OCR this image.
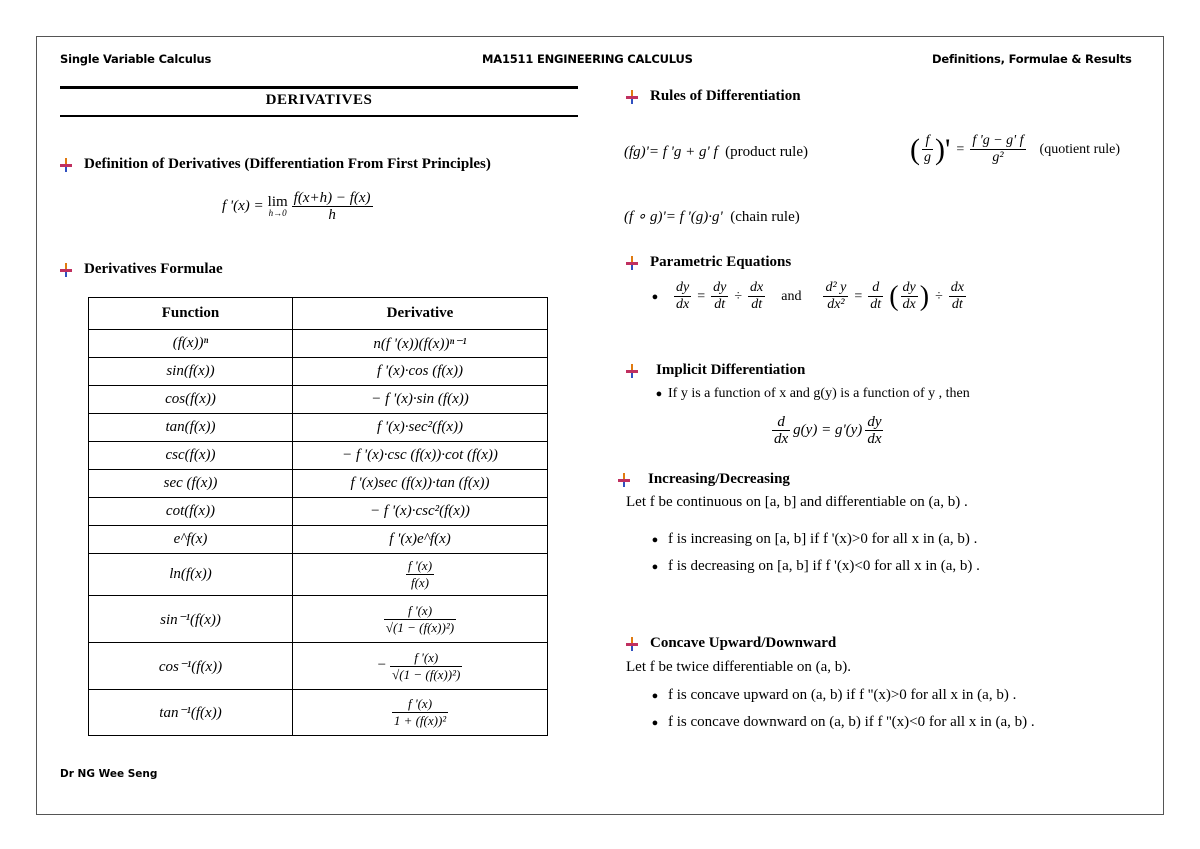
Single Variable Calculus	MA1511 ENGINEERING CALCULUS	Definitions, Formulae & Results
DERIVATIVES
Definition of Derivatives (Differentiation From First Principles)
f '(x) = lim
$h\to 0 \frac{f(x+h) - f(x)}{h}$
Derivatives Formulae
Function	Derivative
(f(x))ⁿ	n(f '(x))(f(x))ⁿ⁻¹
sin(f(x))	f '(x)·cos (f(x))
cos(f(x))	− f '(x)·sin (f(x))
tan(f(x))	f '(x)·sec²(f(x))
csc(f(x))	− f '(x)·csc (f(x))·cot (f(x))
sec (f(x))	f '(x)sec (f(x))·tan (f(x))
cot(f(x))	− f '(x)·csc²(f(x))
e^f(x)	f '(x)e^f(x)
ln(f(x))	$\frac{f '(x)}{f(x)}$

sin⁻¹(f(x))	$\frac{f '(x)}{\text{√(1 − (f(x))²)}}$

cos⁻¹(f(x))	− $\frac{f '(x)}{\text{√(1 − (f(x))²)}}$

tan⁻¹(f(x))	$\frac{f '(x)}{\text{1 + (f(x))²}}$
Dr NG Wee Seng
Rules of Differentiation
(fg)'= f 'g + g' f (product rule)	( $\frac{f}{g}$ )' = $\frac{f 'g - g' f}{\text{g²}}$ (quotient rule)
(f ∘ g)'= f '(g)·g' (chain rule)
Parametric Equations
●	$\frac{dy}{dx} = \frac{dy}{dt} \div \frac{dx}{dt}$ and $\frac{\text{d² y}}{\text{dx²}} = \frac{d}{dt}$ ( $\frac{dy}{dx}$ ) ÷ $\frac{dx}{dt}$
Implicit Differentiation
● If y is a function of x and g(y) is a function of y , then
$\frac{d}{dx} g(y) = g'(y) \frac{dy}{dx}$
Increasing/Decreasing
Let f be continuous on [a, b] and differentiable on (a, b) .
● f is increasing on [a, b] if f '(x)>0 for all x in (a, b) .
● f is decreasing on [a, b] if f '(x)<0 for all x in (a, b) .
Concave Upward/Downward
Let f be twice differentiable on (a, b).
● f is concave upward on (a, b) if f ''(x)>0 for all x in (a, b) .
● f is concave downward on (a, b) if f ''(x)<0 for all x in (a, b) .
